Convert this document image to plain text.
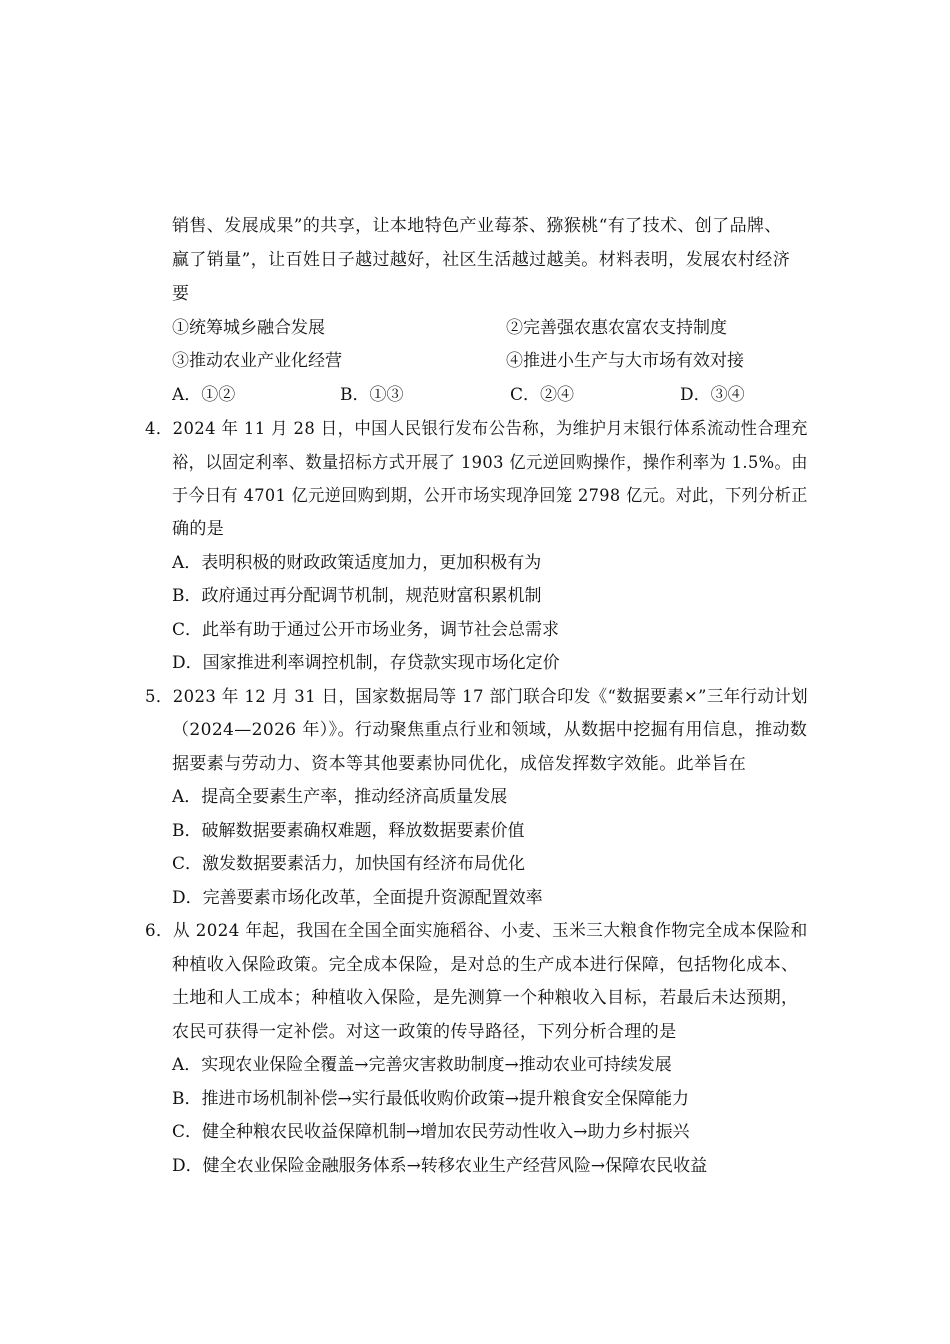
销售、发展成果”的共享，让本地特色产业莓茶、猕猴桃“有了技术、创了品牌、
赢了销量”，让百姓日子越过越好，社区生活越过越美。材料表明，发展农村经济
要
①统筹城乡融合发展	②完善强农惠农富农支持制度
③推动农业产业化经营	④推进小生产与大市场有效对接
A．①②	B．①③	C．②④	D．③④
4．2024 年 11 月 28 日，中国人民银行发布公告称，为维护月末银行体系流动性合理充
裕，以固定利率、数量招标方式开展了 1903 亿元逆回购操作，操作利率为 1.5%。由
于今日有 4701 亿元逆回购到期，公开市场实现净回笼 2798 亿元。对此，下列分析正
确的是
A．表明积极的财政政策适度加力，更加积极有为
B．政府通过再分配调节机制，规范财富积累机制
C．此举有助于通过公开市场业务，调节社会总需求
D．国家推进利率调控机制，存贷款实现市场化定价
5．2023 年 12 月 31 日，国家数据局等 17 部门联合印发《“数据要素×”三年行动计划
（2024—2026 年）》。行动聚焦重点行业和领域，从数据中挖掘有用信息，推动数
据要素与劳动力、资本等其他要素协同优化，成倍发挥数字效能。此举旨在
A．提高全要素生产率，推动经济高质量发展
B．破解数据要素确权难题，释放数据要素价值
C．激发数据要素活力，加快国有经济布局优化
D．完善要素市场化改革，全面提升资源配置效率
6．从 2024 年起，我国在全国全面实施稻谷、小麦、玉米三大粮食作物完全成本保险和
种植收入保险政策。完全成本保险，是对总的生产成本进行保障，包括物化成本、
土地和人工成本；种植收入保险，是先测算一个种粮收入目标，若最后未达预期，
农民可获得一定补偿。对这一政策的传导路径，下列分析合理的是
A．实现农业保险全覆盖→完善灾害救助制度→推动农业可持续发展
B．推进市场机制补偿→实行最低收购价政策→提升粮食安全保障能力
C．健全种粮农民收益保障机制→增加农民劳动性收入→助力乡村振兴
D．健全农业保险金融服务体系→转移农业生产经营风险→保障农民收益
